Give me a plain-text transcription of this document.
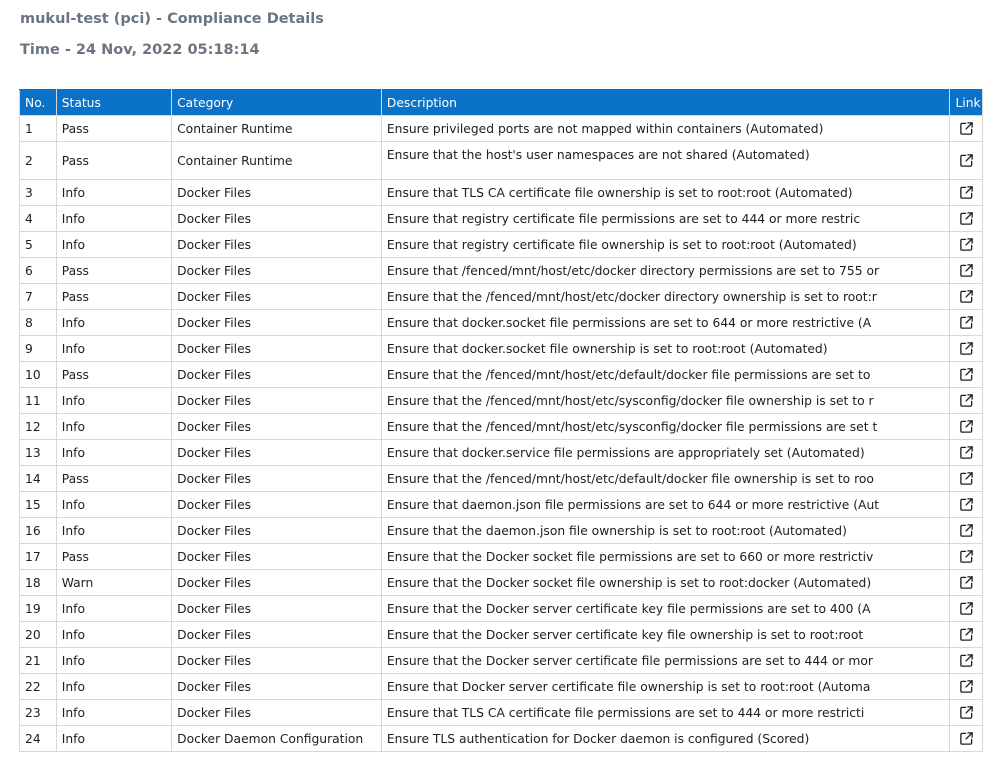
mukul-test (pci) - Compliance Details
Time - 24 Nov, 2022 05:18:14
No.	Status	Category	Description	Link
1	Pass	Container Runtime	Ensure privileged ports are not mapped within containers (Automated)	
2	Pass	Container Runtime	Ensure that the host's user namespaces are not shared (Automated)	
3	Info	Docker Files	Ensure that TLS CA certificate file ownership is set to root:root (Automated)	
4	Info	Docker Files	Ensure that registry certificate file permissions are set to 444 or more restric	
5	Info	Docker Files	Ensure that registry certificate file ownership is set to root:root (Automated)	
6	Pass	Docker Files	Ensure that /fenced/mnt/host/etc/docker directory permissions are set to 755 or	
7	Pass	Docker Files	Ensure that the /fenced/mnt/host/etc/docker directory ownership is set to root:r	
8	Info	Docker Files	Ensure that docker.socket file permissions are set to 644 or more restrictive (A	
9	Info	Docker Files	Ensure that docker.socket file ownership is set to root:root (Automated)	
10	Pass	Docker Files	Ensure that the /fenced/mnt/host/etc/default/docker file permissions are set to	
11	Info	Docker Files	Ensure that the /fenced/mnt/host/etc/sysconfig/docker file ownership is set to r	
12	Info	Docker Files	Ensure that the /fenced/mnt/host/etc/sysconfig/docker file permissions are set t	
13	Info	Docker Files	Ensure that docker.service file permissions are appropriately set (Automated)	
14	Pass	Docker Files	Ensure that the /fenced/mnt/host/etc/default/docker file ownership is set to roo	
15	Info	Docker Files	Ensure that daemon.json file permissions are set to 644 or more restrictive (Aut	
16	Info	Docker Files	Ensure that the daemon.json file ownership is set to root:root (Automated)	
17	Pass	Docker Files	Ensure that the Docker socket file permissions are set to 660 or more restrictiv	
18	Warn	Docker Files	Ensure that the Docker socket file ownership is set to root:docker (Automated)	
19	Info	Docker Files	Ensure that the Docker server certificate key file permissions are set to 400 (A	
20	Info	Docker Files	Ensure that the Docker server certificate key file ownership is set to root:root	
21	Info	Docker Files	Ensure that the Docker server certificate file permissions are set to 444 or mor	
22	Info	Docker Files	Ensure that Docker server certificate file ownership is set to root:root (Automa	
23	Info	Docker Files	Ensure that TLS CA certificate file permissions are set to 444 or more restricti	
24	Info	Docker Daemon Configuration	Ensure TLS authentication for Docker daemon is configured (Scored)	
